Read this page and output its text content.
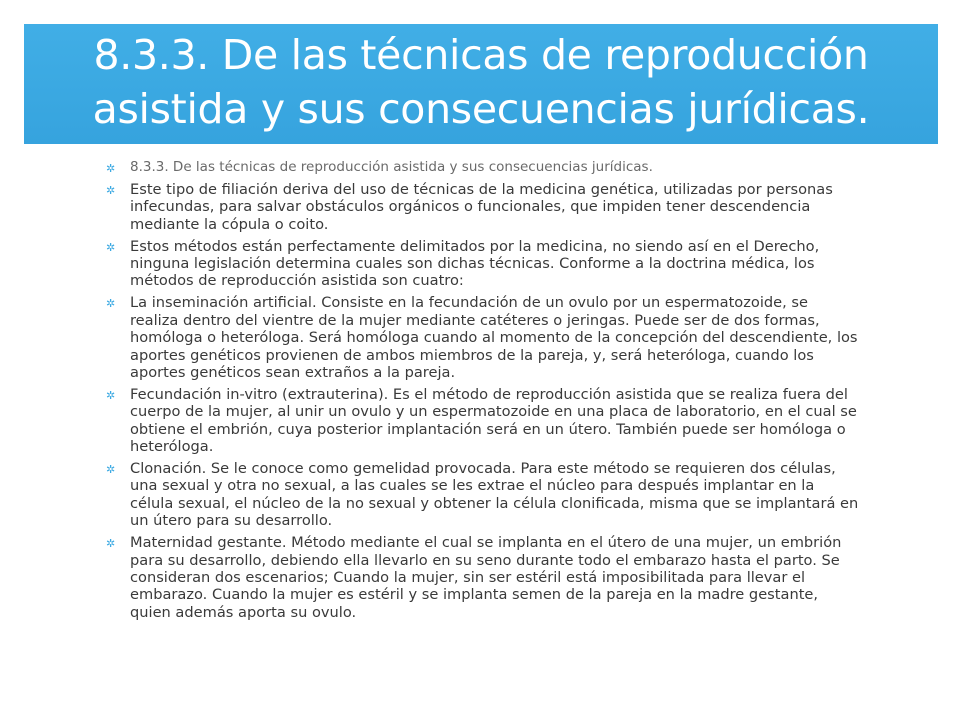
8.3.3. De las técnicas de reproducción asistida y sus consecuencias jurídicas.
✲ 8.3.3. De las técnicas de reproducción asistida y sus consecuencias jurídicas.
✲ Este tipo de filiación deriva del uso de técnicas de la medicina genética, utilizadas por personas infecundas, para salvar obstáculos orgánicos o funcionales, que impiden tener descendencia mediante la cópula o coito.
✲ Estos métodos están perfectamente delimitados por la medicina, no siendo así en el Derecho, ninguna legislación determina cuales son dichas técnicas. Conforme a la doctrina médica, los métodos de reproducción asistida son cuatro:
✲ La inseminación artificial. Consiste en la fecundación de un ovulo por un espermatozoide, se realiza dentro del vientre de la mujer mediante catéteres o jeringas. Puede ser de dos formas, homóloga o heteróloga. Será homóloga cuando al momento de la concepción del descendiente, los aportes genéticos provienen de ambos miembros de la pareja, y, será heteróloga, cuando los aportes genéticos sean extraños a la pareja.
✲ Fecundación in-vitro (extrauterina). Es el método de reproducción asistida que se realiza fuera del cuerpo de la mujer, al unir un ovulo y un espermatozoide en una placa de laboratorio, en el cual se obtiene el embrión, cuya posterior implantación será en un útero. También puede ser homóloga o heteróloga.
✲ Clonación. Se le conoce como gemelidad provocada. Para este método se requieren dos células, una sexual y otra no sexual, a las cuales se les extrae el núcleo para después implantar en la célula sexual, el núcleo de la no sexual y obtener la célula clonificada, misma que se implantará en un útero para su desarrollo.
✲ Maternidad gestante. Método mediante el cual se implanta en el útero de una mujer, un embrión para su desarrollo, debiendo ella llevarlo en su seno durante todo el embarazo hasta el parto. Se consideran dos escenarios; Cuando la mujer, sin ser estéril está imposibilitada para llevar el embarazo. Cuando la mujer es estéril y se implanta semen de la pareja en la madre gestante, quien además aporta su ovulo.
